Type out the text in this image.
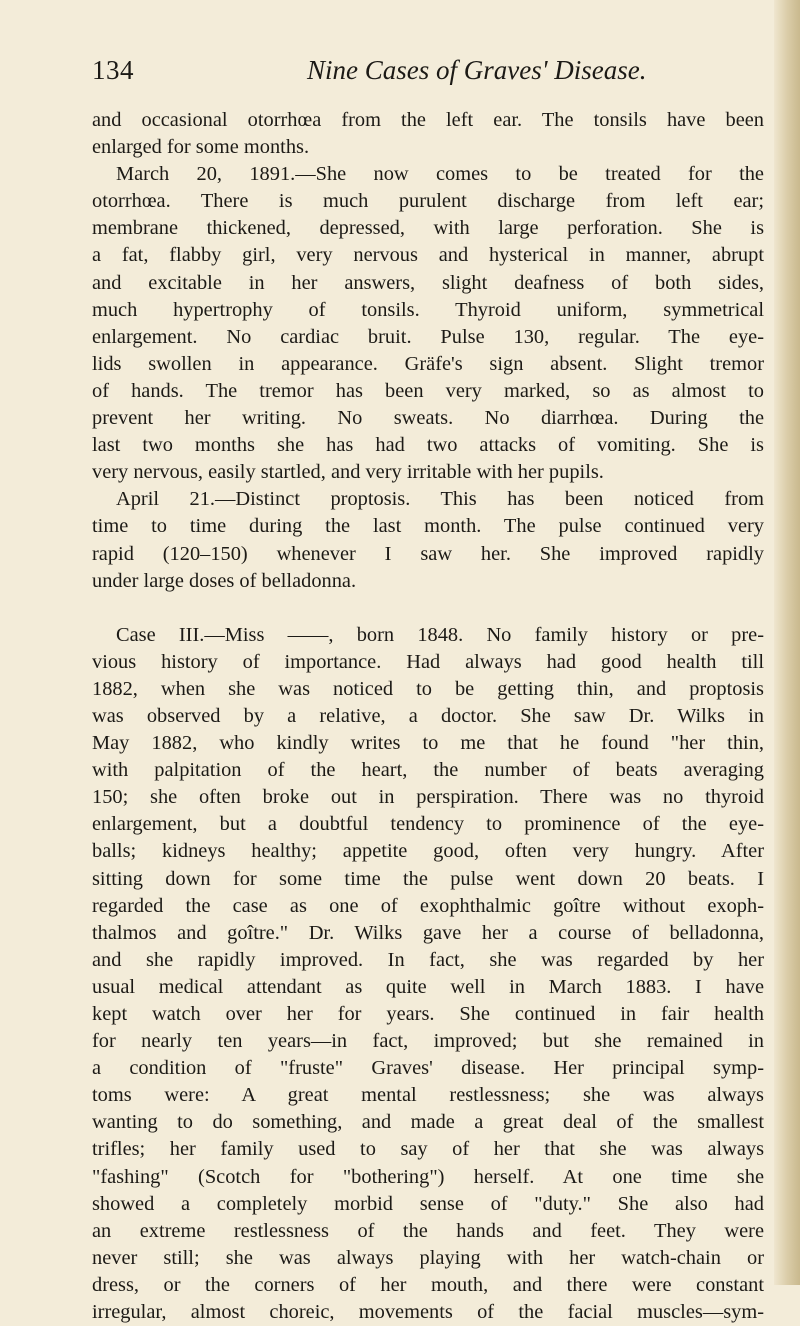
134	Nine Cases of Graves' Disease.
and occasional otorrhœa from the left ear. The tonsils have been
enlarged for some months.
March 20, 1891.—She now comes to be treated for the
otorrhœa. There is much purulent discharge from left ear;
membrane thickened, depressed, with large perforation. She is
a fat, flabby girl, very nervous and hysterical in manner, abrupt
and excitable in her answers, slight deafness of both sides,
much hypertrophy of tonsils. Thyroid uniform, symmetrical
enlargement. No cardiac bruit. Pulse 130, regular. The eye-
lids swollen in appearance. Gräfe's sign absent. Slight tremor
of hands. The tremor has been very marked, so as almost to
prevent her writing. No sweats. No diarrhœa. During the
last two months she has had two attacks of vomiting. She is
very nervous, easily startled, and very irritable with her pupils.
April 21.—Distinct proptosis. This has been noticed from
time to time during the last month. The pulse continued very
rapid (120–150) whenever I saw her. She improved rapidly
under large doses of belladonna.
Case III.—Miss ——, born 1848. No family history or pre-
vious history of importance. Had always had good health till
1882, when she was noticed to be getting thin, and proptosis
was observed by a relative, a doctor. She saw Dr. Wilks in
May 1882, who kindly writes to me that he found "her thin,
with palpitation of the heart, the number of beats averaging
150; she often broke out in perspiration. There was no thyroid
enlargement, but a doubtful tendency to prominence of the eye-
balls; kidneys healthy; appetite good, often very hungry. After
sitting down for some time the pulse went down 20 beats. I
regarded the case as one of exophthalmic goître without exoph-
thalmos and goître." Dr. Wilks gave her a course of belladonna,
and she rapidly improved. In fact, she was regarded by her
usual medical attendant as quite well in March 1883. I have
kept watch over her for years. She continued in fair health
for nearly ten years—in fact, improved; but she remained in
a condition of "fruste" Graves' disease. Her principal symp-
toms were: A great mental restlessness; she was always
wanting to do something, and made a great deal of the smallest
trifles; her family used to say of her that she was always
"fashing" (Scotch for "bothering") herself. At one time she
showed a completely morbid sense of "duty." She also had
an extreme restlessness of the hands and feet. They were
never still; she was always playing with her watch-chain or
dress, or the corners of her mouth, and there were constant
irregular, almost choreic, movements of the facial muscles—sym-
